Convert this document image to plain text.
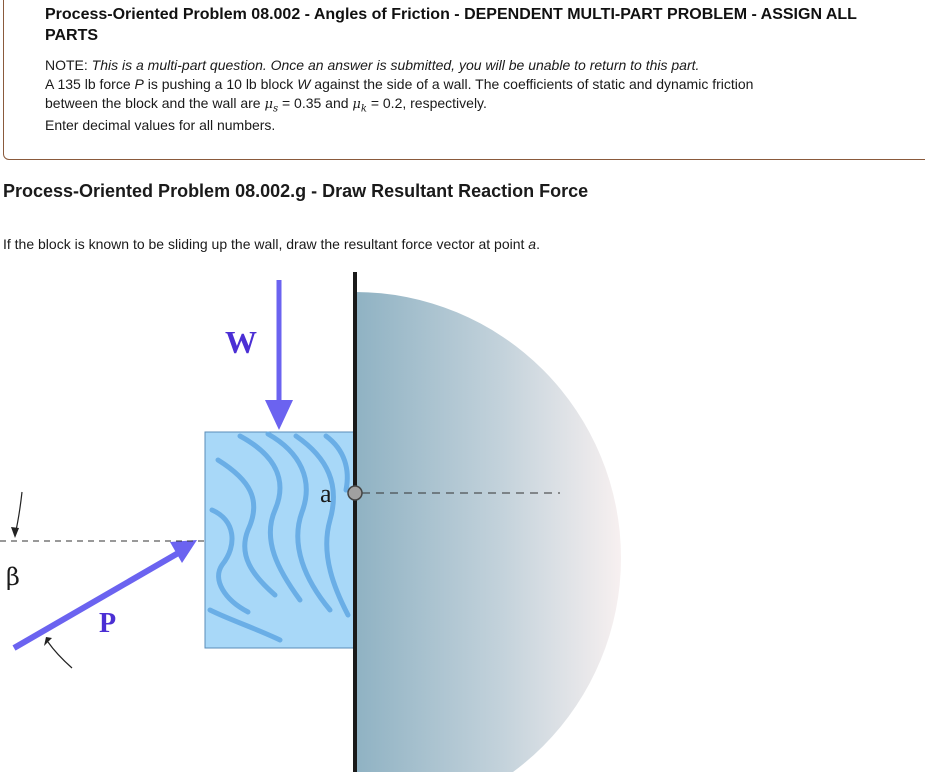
Process-Oriented Problem 08.002 - Angles of Friction - DEPENDENT MULTI-PART PROBLEM - ASSIGN ALL PARTS
NOTE: This is a multi-part question. Once an answer is submitted, you will be unable to return to this part.
A 135 lb force P is pushing a 10 lb block W against the side of a wall. The coefficients of static and dynamic friction
between the block and the wall are $\mu_s = 0.35$ and $\mu_k = 0.2$, respectively.
Enter decimal values for all numbers.
Process-Oriented Problem 08.002.g - Draw Resultant Reaction Force
If the block is known to be sliding up the wall, draw the resultant force vector at point a.
W
P
a
β
